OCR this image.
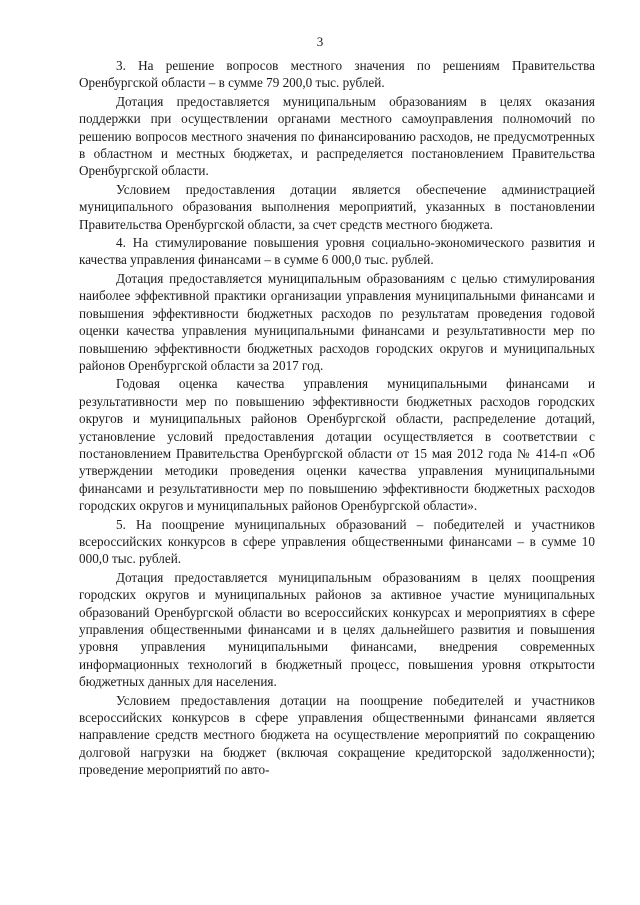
3

3. На решение вопросов местного значения по решениям Правительства Оренбургской области – в сумме 79 200,0 тыс. рублей.

Дотация предоставляется муниципальным образованиям в целях оказания поддержки при осуществлении органами местного самоуправления полномочий по решению вопросов местного значения по финансированию расходов, не предусмотренных в областном и местных бюджетах, и распределяется постановлением Правительства Оренбургской области.

Условием предоставления дотации является обеспечение администрацией муниципального образования выполнения мероприятий, указанных в постановлении Правительства Оренбургской области, за счет средств местного бюджета.

4. На стимулирование повышения уровня социально-экономического развития и качества управления финансами – в сумме 6 000,0 тыс. рублей.

Дотация предоставляется муниципальным образованиям с целью стимулирования наиболее эффективной практики организации управления муниципальными финансами и повышения эффективности бюджетных расходов по результатам проведения годовой оценки качества управления муниципальными финансами и результативности мер по повышению эффективности бюджетных расходов городских округов и муниципальных районов Оренбургской области за 2017 год.

Годовая оценка качества управления муниципальными финансами и результативности мер по повышению эффективности бюджетных расходов городских округов и муниципальных районов Оренбургской области, распределение дотаций, установление условий предоставления дотации осуществляется в соответствии с постановлением Правительства Оренбургской области от 15 мая 2012 года № 414-п «Об утверждении методики проведения оценки качества управления муниципальными финансами и результативности мер по повышению эффективности бюджетных расходов городских округов и муниципальных районов Оренбургской области».

5. На поощрение муниципальных образований – победителей и участников всероссийских конкурсов в сфере управления общественными финансами – в сумме 10 000,0 тыс. рублей.

Дотация предоставляется муниципальным образованиям в целях поощрения городских округов и муниципальных районов за активное участие муниципальных образований Оренбургской области во всероссийских конкурсах и мероприятиях в сфере управления общественными финансами и в целях дальнейшего развития и повышения уровня управления муниципальными финансами, внедрения современных информационных технологий в бюджетный процесс, повышения уровня открытости бюджетных данных для населения.

Условием предоставления дотации на поощрение победителей и участников всероссийских конкурсов в сфере управления общественными финансами является направление средств местного бюджета на осуществление мероприятий по сокращению долговой нагрузки на бюджет (включая сокращение кредиторской задолженности); проведение мероприятий по авто-
